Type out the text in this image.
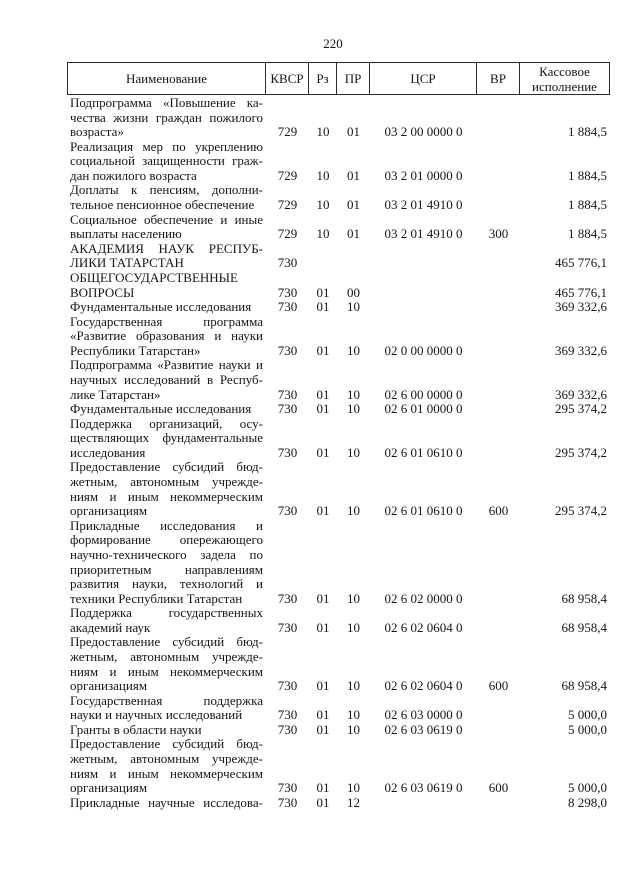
220
Наименование	КВСР Рз ПР	ЦСР	ВР	Кассовое исполнение
Подпрограмма «Повышение ка-
чества жизни граждан пожилого
возраста»	729	10	01	03 2 00 0000 0	1 884,5
Реализация мер по укреплению
социальной защищенности граж-
дан пожилого возраста	729	10	01	03 2 01 0000 0	1 884,5
Доплаты к пенсиям, дополни-
тельное пенсионное обеспечение	729	10	01	03 2 01 4910 0	1 884,5
Социальное обеспечение и иные
выплаты населению	729	10	01	03 2 01 4910 0	300	1 884,5
АКАДЕМИЯ НАУК РЕСПУБ-
ЛИКИ ТАТАРСТАН	730	465 776,1
ОБЩЕГОСУДАРСТВЕННЫЕ
ВОПРОСЫ	730	01	00	465 776,1
Фундаментальные исследования	730	01	10	369 332,6
Государственная программа
«Развитие образования и науки
Республики Татарстан»	730	01	10	02 0 00 0000 0	369 332,6
Подпрограмма «Развитие науки и
научных исследований в Респуб-
лике Татарстан»	730	01	10	02 6 00 0000 0	369 332,6
Фундаментальные исследования	730	01	10	02 6 01 0000 0	295 374,2
Поддержка организаций, осу-
ществляющих фундаментальные
исследования	730	01	10	02 6 01 0610 0	295 374,2
Предоставление субсидий бюд-
жетным, автономным учрежде-
ниям и иным некоммерческим
организациям	730	01	10	02 6 01 0610 0	600	295 374,2
Прикладные исследования и
формирование опережающего
научно-технического задела по
приоритетным направлениям
развития науки, технологий и
техники Республики Татарстан	730	01	10	02 6 02 0000 0	68 958,4
Поддержка государственных
академий наук	730	01	10	02 6 02 0604 0	68 958,4
Предоставление субсидий бюд-
жетным, автономным учрежде-
ниям и иным некоммерческим
организациям	730	01	10	02 6 02 0604 0	600	68 958,4
Государственная поддержка
науки и научных исследований	730	01	10	02 6 03 0000 0	5 000,0
Гранты в области науки	730	01	10	02 6 03 0619 0	5 000,0
Предоставление субсидий бюд-
жетным, автономным учрежде-
ниям и иным некоммерческим
организациям	730	01	10	02 6 03 0619 0	600	5 000,0
Прикладные научные исследова-	730	01	12	8 298,0
